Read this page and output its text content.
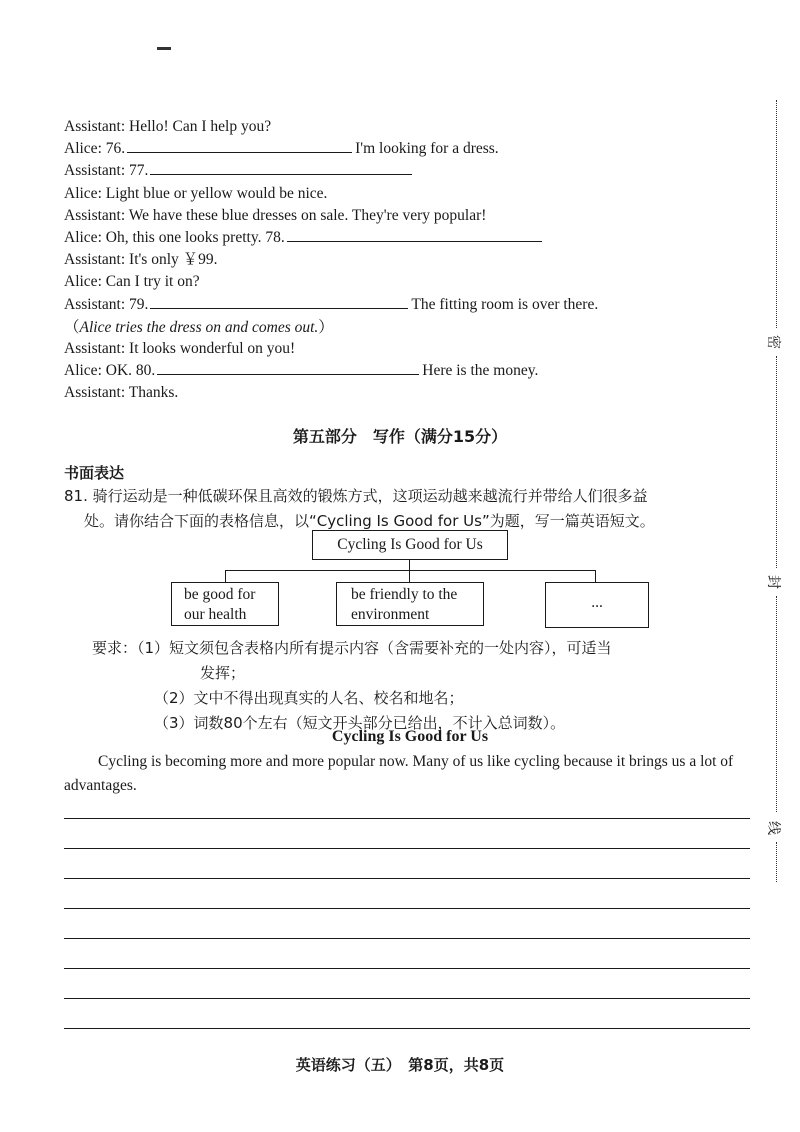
Assistant: Hello! Can I help you?
Alice: 76.	I'm looking for a dress.
Assistant: 77.
Alice: Light blue or yellow would be nice.
Assistant: We have these blue dresses on sale. They're very popular!
Alice: Oh, this one looks pretty. 78.
Assistant: It's only ￥99.
Alice: Can I try it on?
Assistant: 79.	The fitting room is over there.
（Alice tries the dress on and comes out.）
Assistant: It looks wonderful on you!
Alice: OK. 80.	Here is the money.
Assistant: Thanks.
第五部分　写作（满分15分）
书面表达
81. 骑行运动是一种低碳环保且高效的锻炼方式，这项运动越来越流行并带给人们很多益
处。请你结合下面的表格信息，以“Cycling Is Good for Us”为题，写一篇英语短文。
Cycling Is Good for Us
be good for
our health
be friendly to the
environment
...
要求：（1）短文须包含表格内所有提示内容（含需要补充的一处内容），可适当
发挥；
（2）文中不得出现真实的人名、校名和地名；
（3）词数80个左右（短文开头部分已给出，不计入总词数）。
Cycling Is Good for Us
Cycling is becoming more and more popular now. Many of us like cycling because it brings us a lot of advantages.
英语练习（五）　第8页，共8页
密
封
线
